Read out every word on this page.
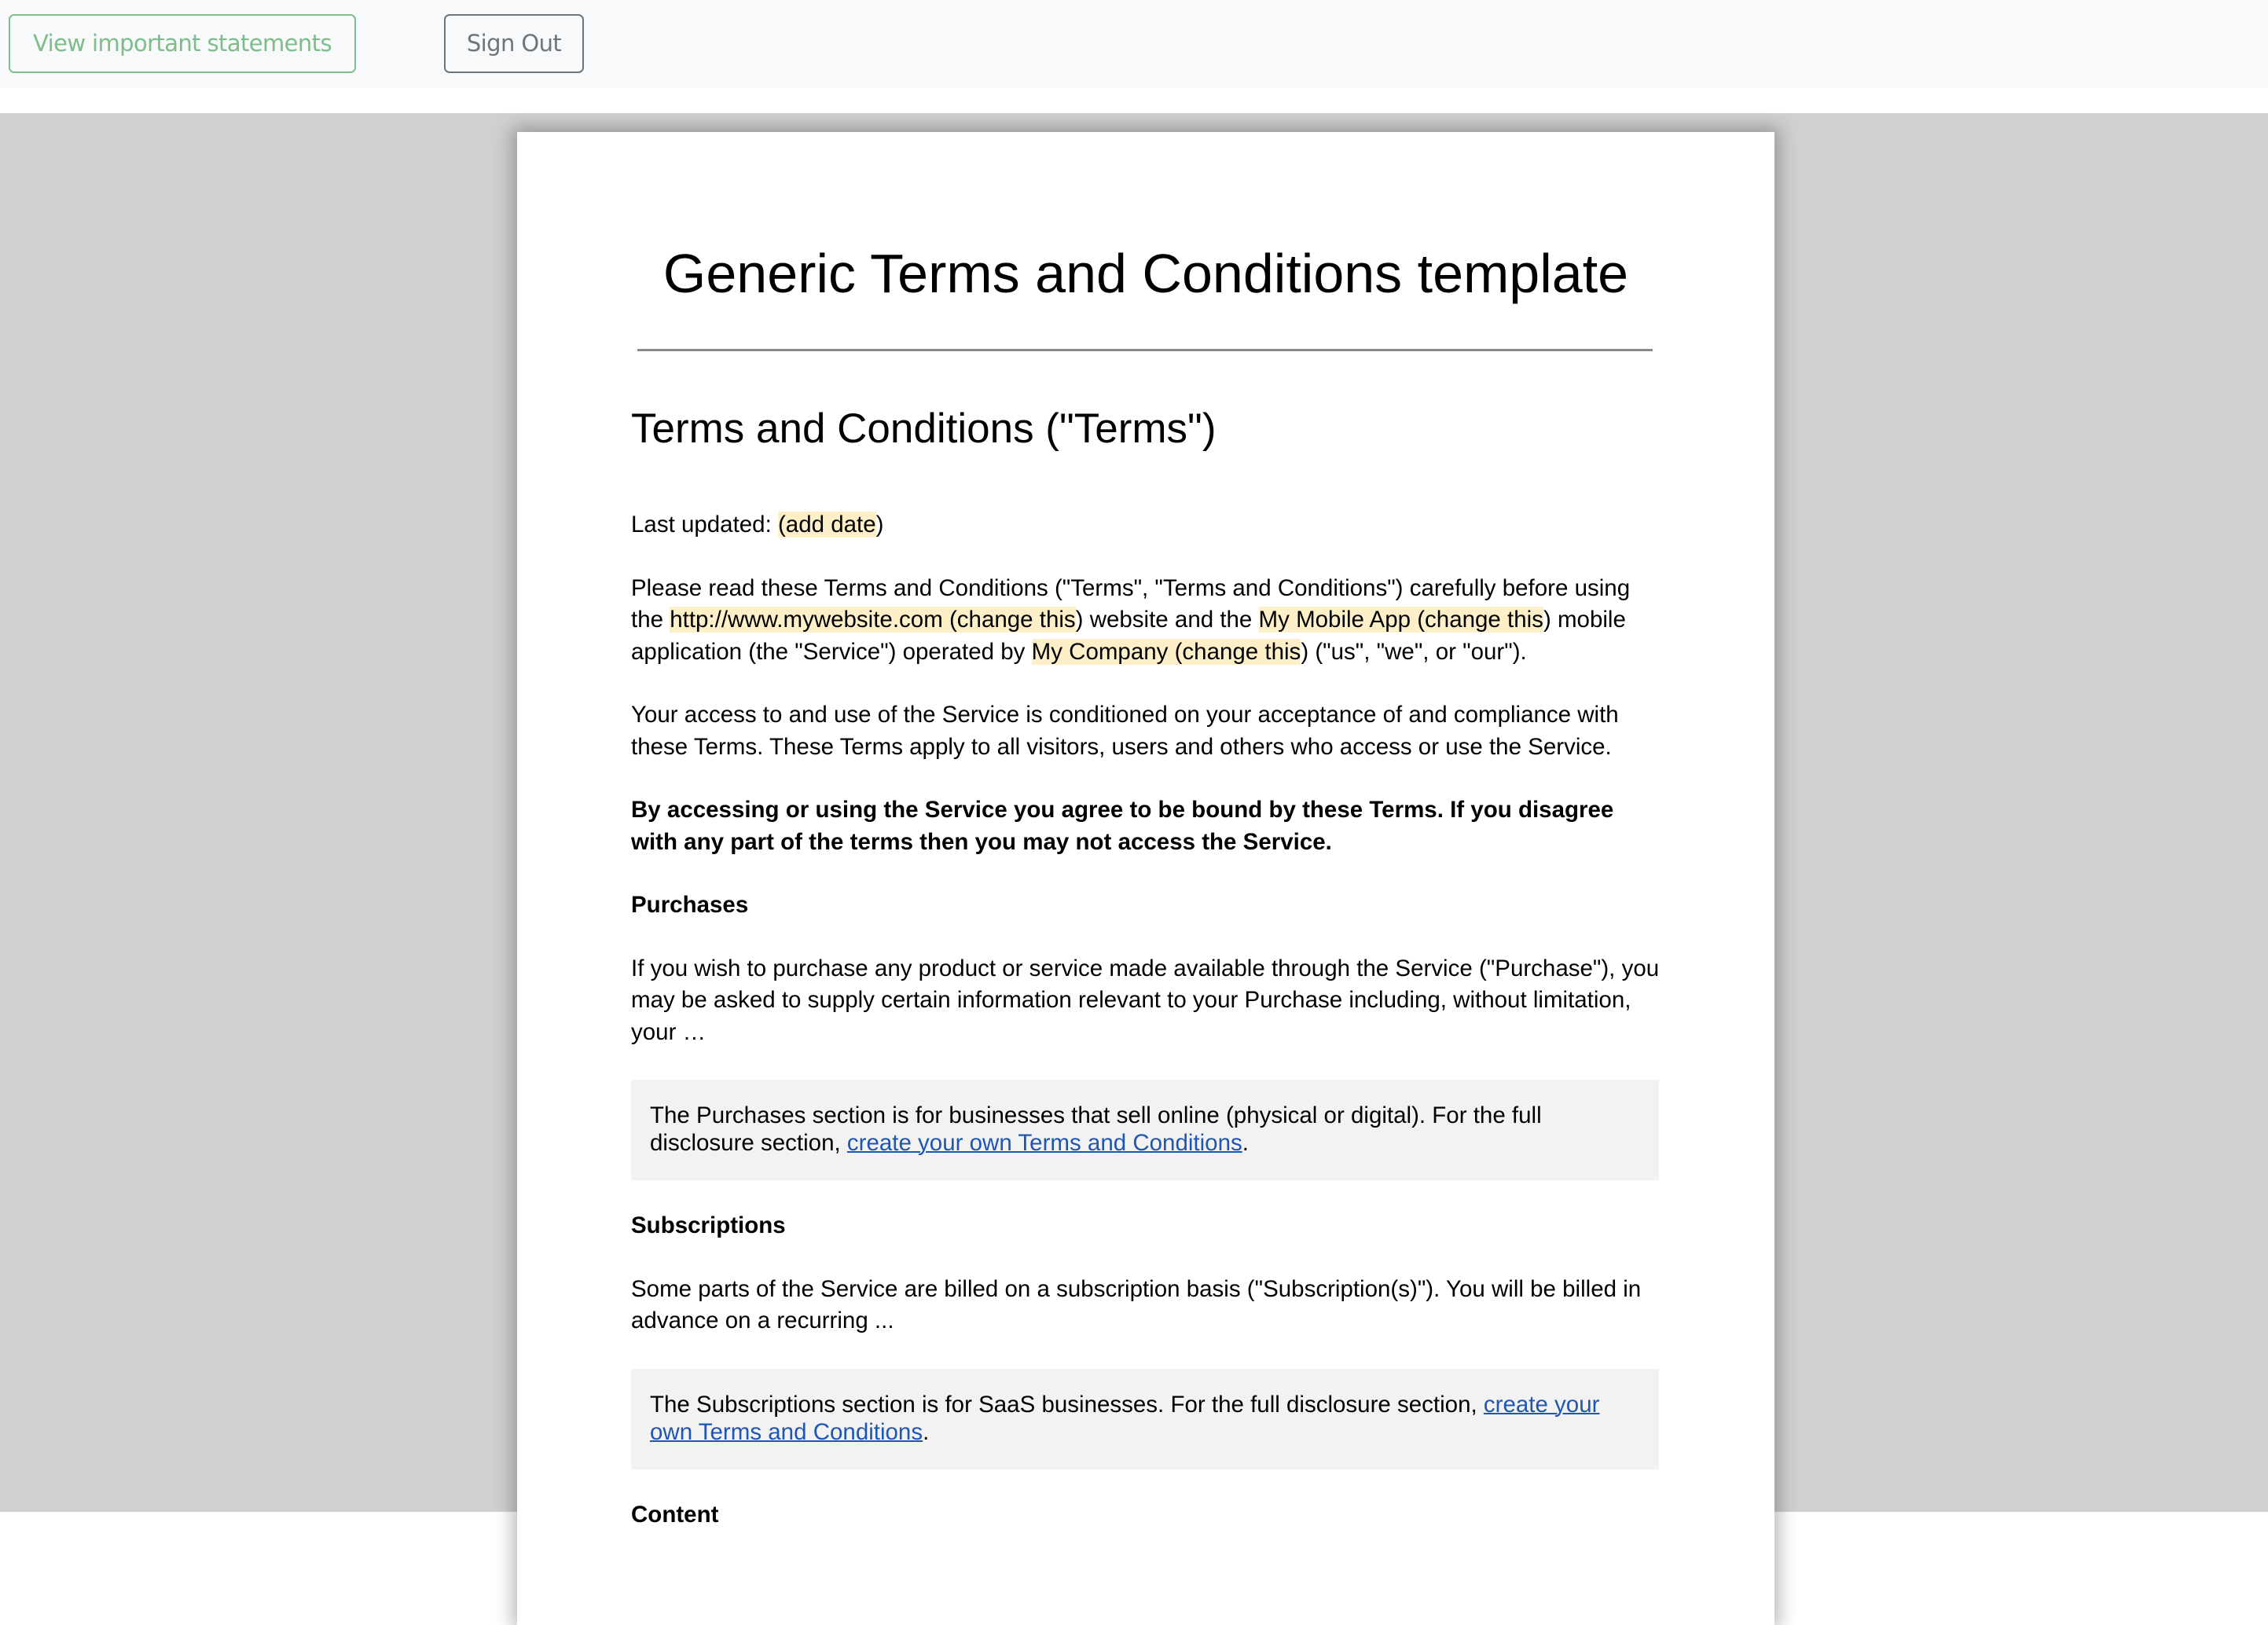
View important statements	Sign Out
Generic Terms and Conditions template
Terms and Conditions ("Terms")

Last updated: (add date)

Please read these Terms and Conditions ("Terms", "Terms and Conditions") carefully before using the http://www.mywebsite.com (change this) website and the My Mobile App (change this) mobile application (the "Service") operated by My Company (change this) ("us", "we", or "our").

Your access to and use of the Service is conditioned on your acceptance of and compliance with these Terms. These Terms apply to all visitors, users and others who access or use the Service.

By accessing or using the Service you agree to be bound by these Terms. If you disagree with any part of the terms then you may not access the Service.

Purchases

If you wish to purchase any product or service made available through the Service ("Purchase"), you may be asked to supply certain information relevant to your Purchase including, without limitation, your …

The Purchases section is for businesses that sell online (physical or digital). For the full disclosure section, create your own Terms and Conditions.

Subscriptions

Some parts of the Service are billed on a subscription basis ("Subscription(s)"). You will be billed in advance on a recurring ...

The Subscriptions section is for SaaS businesses. For the full disclosure section, create your own Terms and Conditions.

Content
